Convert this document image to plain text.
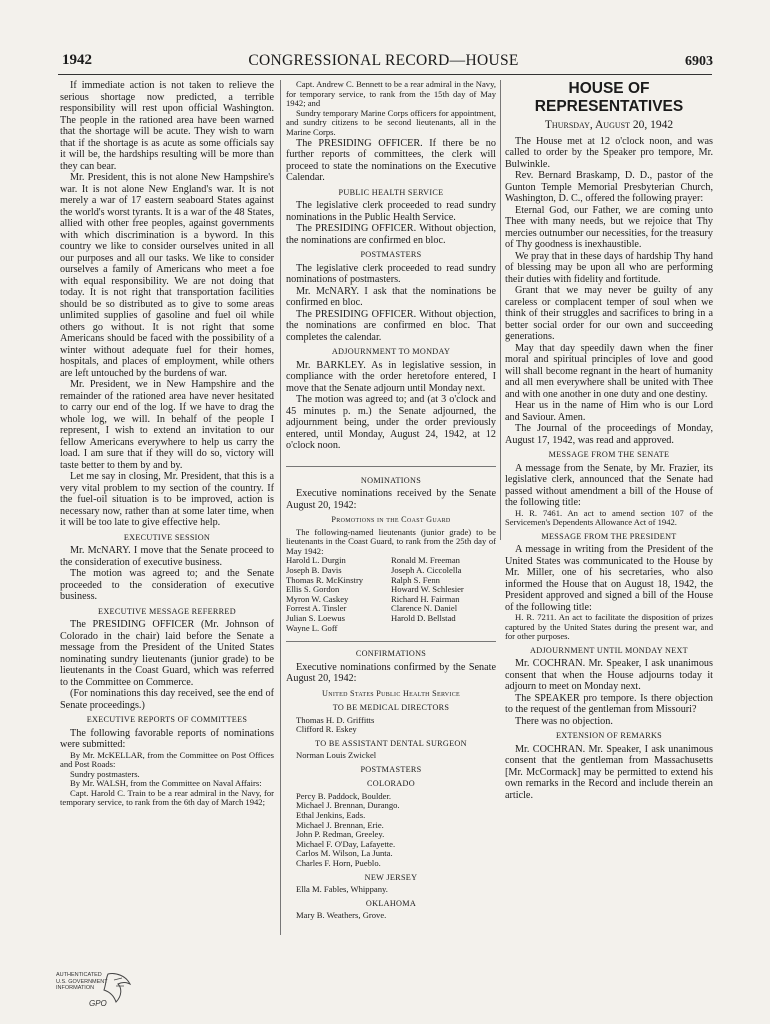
1942	CONGRESSIONAL RECORD—HOUSE	6903

If immediate action is not taken to relieve the serious shortage now predicted, a terrible responsibility will rest upon official Washington. The people in the rationed area have been warned that the shortage will be acute. They wish to warn that if the shortage is as acute as some officials say it will be, the hardships resulting will be more than they can bear.

Mr. President, this is not alone New Hampshire's war. It is not alone New England's war. It is not merely a war of 17 eastern seaboard States against the world's worst tyrants. It is a war of the 48 States, allied with other free peoples, against governments with which discrimination is a byword. In this country we like to consider ourselves united in all our purposes and all our tasks. We like to consider ourselves a family of Americans who meet a foe with equal responsibility. We are not doing that today. It is not right that transportation facilities should be so distributed as to give to some areas unlimited supplies of gasoline and fuel oil while others go without. It is not right that some Americans should be faced with the possibility of a winter without adequate fuel for their homes, hospitals, and places of employment, while others are left untouched by the burdens of war.

Mr. President, we in New Hampshire and the remainder of the rationed area have never hesitated to carry our end of the log. If we have to drag the whole log, we will. In behalf of the people I represent, I wish to extend an invitation to our fellow Americans everywhere to help us carry the load. I am sure that if they will do so, victory will taste better to them by and by.

Let me say in closing, Mr. President, that this is a very vital problem to my section of the country. If the fuel-oil situation is to be improved, action is necessary now, rather than at some later time, when it will be too late to give effective help.

EXECUTIVE SESSION

Mr. McNARY. I move that the Senate proceed to the consideration of executive business.

The motion was agreed to; and the Senate proceeded to the consideration of executive business.

EXECUTIVE MESSAGE REFERRED

The PRESIDING OFFICER (Mr. Johnson of Colorado in the chair) laid before the Senate a message from the President of the United States nominating sundry lieutenants (junior grade) to be lieutenants in the Coast Guard, which was referred to the Committee on Commerce.

(For nominations this day received, see the end of Senate proceedings.)

EXECUTIVE REPORTS OF COMMITTEES

The following favorable reports of nominations were submitted:

By Mr. McKELLAR, from the Committee on Post Offices and Post Roads:

Sundry postmasters.

By Mr. WALSH, from the Committee on Naval Affairs:

Capt. Harold C. Train to be a rear admiral in the Navy, for temporary service, to rank from the 6th day of March 1942;

Capt. Andrew C. Bennett to be a rear admiral in the Navy, for temporary service, to rank from the 15th day of May 1942; and

Sundry temporary Marine Corps officers for appointment, and sundry citizens to be second lieutenants, all in the Marine Corps.

The PRESIDING OFFICER. If there be no further reports of committees, the clerk will proceed to state the nominations on the Executive Calendar.

PUBLIC HEALTH SERVICE

The legislative clerk proceeded to read sundry nominations in the Public Health Service.

The PRESIDING OFFICER. Without objection, the nominations are confirmed en bloc.

POSTMASTERS

The legislative clerk proceeded to read sundry nominations of postmasters.

Mr. McNARY. I ask that the nominations be confirmed en bloc.

The PRESIDING OFFICER. Without objection, the nominations are confirmed en bloc. That completes the calendar.

ADJOURNMENT TO MONDAY

Mr. BARKLEY. As in legislative session, in compliance with the order heretofore entered, I move that the Senate adjourn until Monday next.

The motion was agreed to; and (at 3 o'clock and 45 minutes p. m.) the Senate adjourned, the adjournment being, under the order previously entered, until Monday, August 24, 1942, at 12 o'clock noon.

NOMINATIONS

Executive nominations received by the Senate August 20, 1942:

Promotions in the Coast Guard

The following-named lieutenants (junior grade) to be lieutenants in the Coast Guard, to rank from the 25th day of May 1942:

Harold L. Durgin	Ronald M. Freeman
Joseph B. Davis	Joseph A. Ciccolella
Thomas R. McKinstry	Ralph S. Fenn
Ellis S. Gordon	Howard W. Schlesier
Myron W. Caskey	Richard H. Fairman
Forrest A. Tinsler	Clarence N. Daniel
Julian S. Loewus	Harold D. Bellstad
Wayne L. Goff
CONFIRMATIONS

Executive nominations confirmed by the Senate August 20, 1942:

United States Public Health Service
TO BE MEDICAL DIRECTORS

Thomas H. D. Griffitts

Clifford R. Eskey

TO BE ASSISTANT DENTAL SURGEON

Norman Louis Zwickel

POSTMASTERS
COLORADO

Percy B. Paddock, Boulder.

Michael J. Brennan, Durango.

Ethal Jenkins, Eads.

Michael J. Brennan, Erie.

John P. Redman, Greeley.

Michael F. O'Day, Lafayette.

Carlos M. Wilson, La Junta.

Charles F. Horn, Pueblo.

NEW JERSEY

Ella M. Fables, Whippany.

OKLAHOMA

Mary B. Weathers, Grove.

HOUSE OF REPRESENTATIVES
Thursday, August 20, 1942

The House met at 12 o'clock noon, and was called to order by the Speaker pro tempore, Mr. Bulwinkle.

Rev. Bernard Braskamp, D. D., pastor of the Gunton Temple Memorial Presbyterian Church, Washington, D. C., offered the following prayer:

Eternal God, our Father, we are coming unto Thee with many needs, but we rejoice that Thy mercies outnumber our necessities, for the treasury of Thy goodness is inexhaustible.

We pray that in these days of hardship Thy hand of blessing may be upon all who are performing their duties with fidelity and fortitude.

Grant that we may never be guilty of any careless or complacent temper of soul when we think of their struggles and sacrifices to bring in a better social order for our own and succeeding generations.

May that day speedily dawn when the finer moral and spiritual principles of love and good will shall become regnant in the heart of humanity and all men everywhere shall be united with Thee and with one another in one duty and one destiny.

Hear us in the name of Him who is our Lord and Saviour. Amen.

The Journal of the proceedings of Monday, August 17, 1942, was read and approved.

MESSAGE FROM THE SENATE

A message from the Senate, by Mr. Frazier, its legislative clerk, announced that the Senate had passed without amendment a bill of the House of the following title:

H. R. 7461. An act to amend section 107 of the Servicemen's Dependents Allowance Act of 1942.

MESSAGE FROM THE PRESIDENT

A message in writing from the President of the United States was communicated to the House by Mr. Miller, one of his secretaries, who also informed the House that on August 18, 1942, the President approved and signed a bill of the House of the following title:

H. R. 7211. An act to facilitate the disposition of prizes captured by the United States during the present war, and for other purposes.

ADJOURNMENT UNTIL MONDAY NEXT

Mr. COCHRAN. Mr. Speaker, I ask unanimous consent that when the House adjourns today it adjourn to meet on Monday next.

The SPEAKER pro tempore. Is there objection to the request of the gentleman from Missouri?

There was no objection.

EXTENSION OF REMARKS

Mr. COCHRAN. Mr. Speaker, I ask unanimous consent that the gentleman from Massachusetts [Mr. McCormack] may be permitted to extend his own remarks in the Record and include therein an article.

AUTHENTICATED U.S. GOVERNMENT INFORMATION
GPO
